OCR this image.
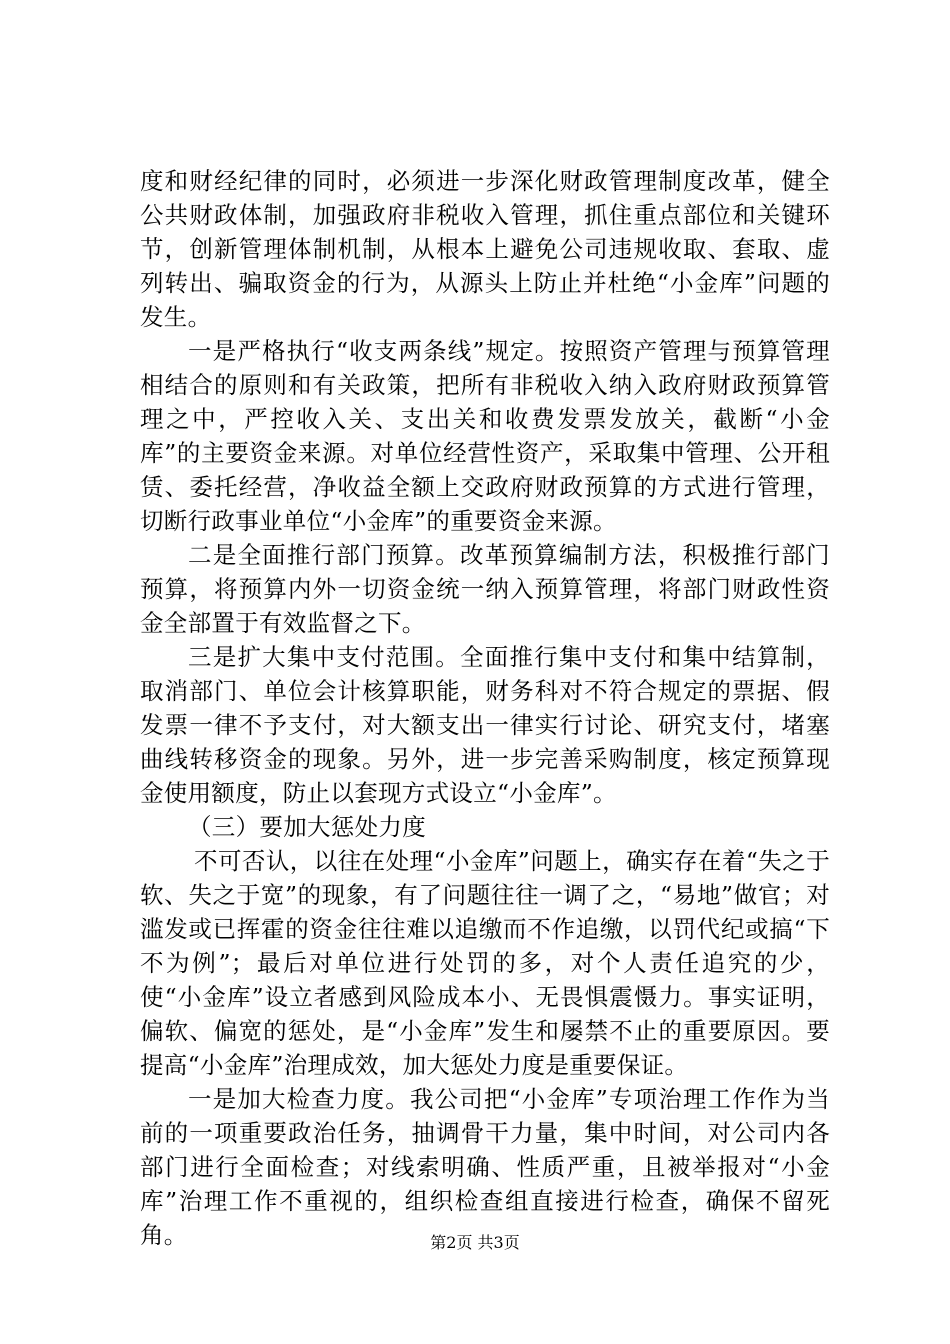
度和财经纪律的同时，必须进一步深化财政管理制度改革，健全公共财政体制，加强政府非税收入管理，抓住重点部位和关键环节，创新管理体制机制，从根本上避免公司违规收取、套取、虚列转出、骗取资金的行为，从源头上防止并杜绝“小金库”问题的发生。

一是严格执行“收支两条线”规定。按照资产管理与预算管理相结合的原则和有关政策，把所有非税收入纳入政府财政预算管理之中，严控收入关、支出关和收费发票发放关，截断“小金库”的主要资金来源。对单位经营性资产，采取集中管理、公开租赁、委托经营，净收益全额上交政府财政预算的方式进行管理，切断行政事业单位“小金库”的重要资金来源。

二是全面推行部门预算。改革预算编制方法，积极推行部门预算，将预算内外一切资金统一纳入预算管理，将部门财政性资金全部置于有效监督之下。

三是扩大集中支付范围。全面推行集中支付和集中结算制，取消部门、单位会计核算职能，财务科对不符合规定的票据、假发票一律不予支付，对大额支出一律实行讨论、研究支付，堵塞曲线转移资金的现象。另外，进一步完善采购制度，核定预算现金使用额度，防止以套现方式设立“小金库”。

（三）要加大惩处力度

不可否认，以往在处理“小金库”问题上，确实存在着“失之于软、失之于宽”的现象，有了问题往往一调了之，“易地”做官；对滥发或已挥霍的资金往往难以追缴而不作追缴，以罚代纪或搞“下不为例”；最后对单位进行处罚的多，对个人责任追究的少，使“小金库”设立者感到风险成本小、无畏惧震慑力。事实证明，偏软、偏宽的惩处，是“小金库”发生和屡禁不止的重要原因。要提高“小金库”治理成效，加大惩处力度是重要保证。

一是加大检查力度。我公司把“小金库”专项治理工作作为当前的一项重要政治任务，抽调骨干力量，集中时间，对公司内各部门进行全面检查；对线索明确、性质严重，且被举报对“小金库”治理工作不重视的，组织检查组直接进行检查，确保不留死角。	第2页 共3页
